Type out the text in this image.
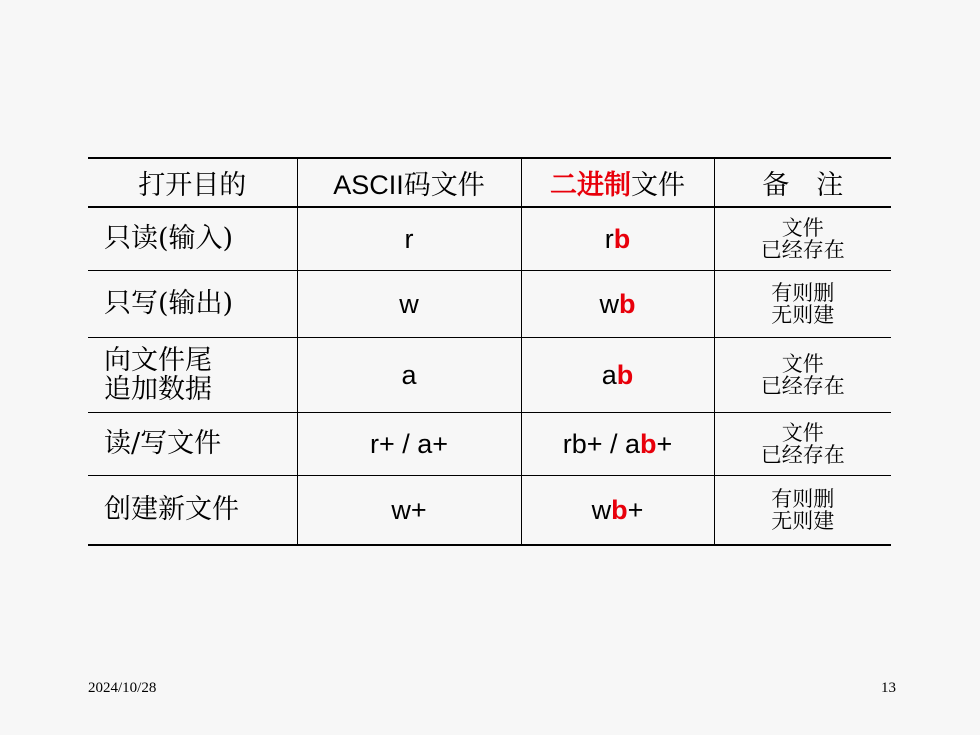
打开目的	ASCII码文件	二进制文件	备　注

只读(输入)	r	rb	文件
已经存在

只写(输出)	w	wb	有则删
无则建

向文件尾
追加数据	a	ab	文件
已经存在

读/写文件	r+ / a+	rb+ / ab+	文件
已经存在

创建新文件	w+	wb+	有则删
无则建
2024/10/28	13
